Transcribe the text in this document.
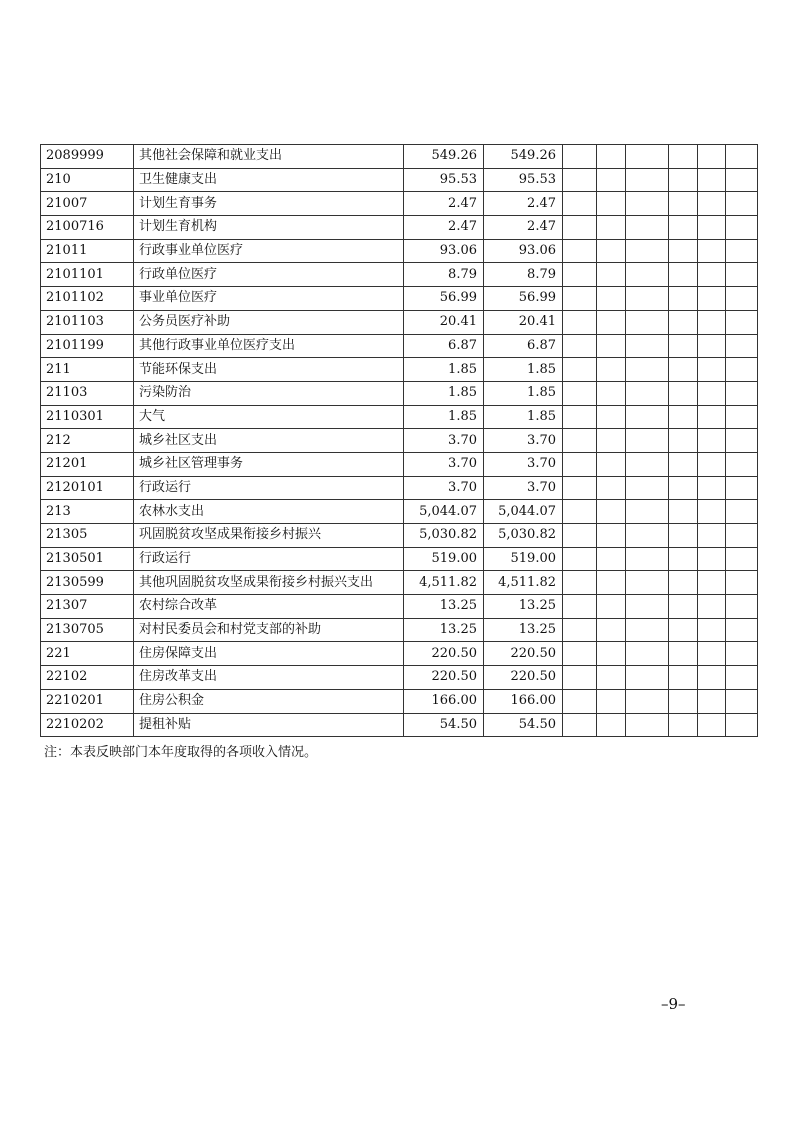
2089999	其他社会保障和就业支出	549.26	549.26						
210	卫生健康支出	95.53	95.53						
21007	计划生育事务	2.47	2.47						
2100716	计划生育机构	2.47	2.47						
21011	行政事业单位医疗	93.06	93.06						
2101101	行政单位医疗	8.79	8.79						
2101102	事业单位医疗	56.99	56.99						
2101103	公务员医疗补助	20.41	20.41						
2101199	其他行政事业单位医疗支出	6.87	6.87						
211	节能环保支出	1.85	1.85						
21103	污染防治	1.85	1.85						
2110301	大气	1.85	1.85						
212	城乡社区支出	3.70	3.70						
21201	城乡社区管理事务	3.70	3.70						
2120101	行政运行	3.70	3.70						
213	农林水支出	5,044.07	5,044.07						
21305	巩固脱贫攻坚成果衔接乡村振兴	5,030.82	5,030.82						
2130501	行政运行	519.00	519.00						
2130599	其他巩固脱贫攻坚成果衔接乡村振兴支出	4,511.82	4,511.82						
21307	农村综合改革	13.25	13.25						
2130705	对村民委员会和村党支部的补助	13.25	13.25						
221	住房保障支出	220.50	220.50						
22102	住房改革支出	220.50	220.50						
2210201	住房公积金	166.00	166.00						
2210202	提租补贴	54.50	54.50						
注：本表反映部门本年度取得的各项收入情况。
–9–
